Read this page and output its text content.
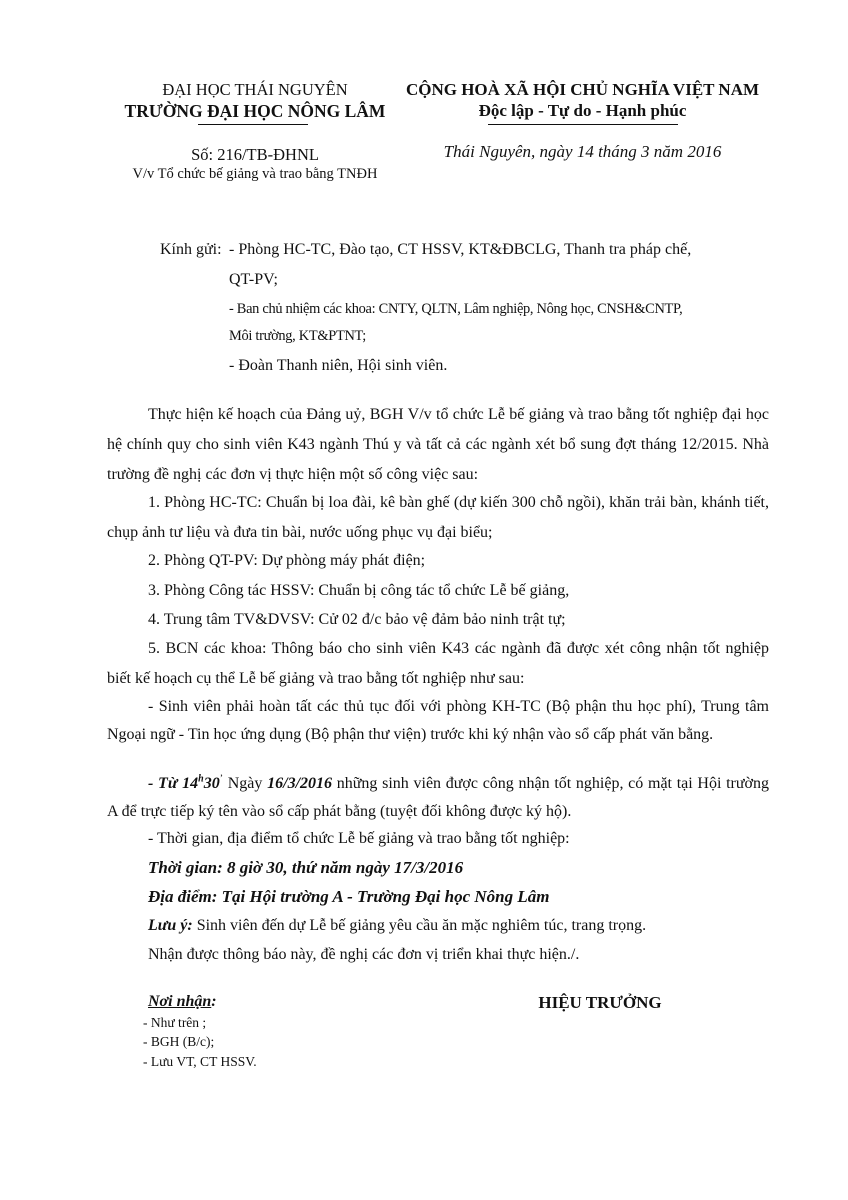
ĐẠI HỌC THÁI NGUYÊN
TRƯỜNG ĐẠI HỌC NÔNG LÂM
Số: 216/TB-ĐHNL
V/v Tổ chức bế giảng và trao bằng TNĐH
CỘNG HOÀ XÃ HỘI CHỦ NGHĨA VIỆT NAM
Độc lập - Tự do - Hạnh phúc
Thái Nguyên, ngày 14 tháng 3 năm 2016
Kính gửi: - Phòng HC-TC, Đào tạo, CT HSSV, KT&ĐBCLG, Thanh tra pháp chế,
QT-PV;
- Ban chủ nhiệm các khoa: CNTY, QLTN, Lâm nghiệp, Nông học, CNSH&CNTP,
Môi trường, KT&PTNT;
- Đoàn Thanh niên, Hội sinh viên.
Thực hiện kế hoạch của Đảng uỷ, BGH V/v tổ chức Lễ bế giảng và trao bằng tốt nghiệp đại học hệ chính quy cho sinh viên K43 ngành Thú y và tất cả các ngành xét bổ sung đợt tháng 12/2015. Nhà trường đề nghị các đơn vị thực hiện một số công việc sau:
1. Phòng HC-TC: Chuẩn bị loa đài, kê bàn ghế (dự kiến 300 chỗ ngồi), khăn trải bàn, khánh tiết, chụp ảnh tư liệu và đưa tin bài, nước uống phục vụ đại biểu;
2. Phòng QT-PV: Dự phòng máy phát điện;
3. Phòng Công tác HSSV: Chuẩn bị công tác tổ chức Lễ bế giảng,
4. Trung tâm TV&DVSV: Cử 02 đ/c bảo vệ đảm bảo ninh trật tự;
5. BCN các khoa: Thông báo cho sinh viên K43 các ngành đã được xét công nhận tốt nghiệp biết kế hoạch cụ thể Lễ bế giảng và trao bằng tốt nghiệp như sau:
- Sinh viên phải hoàn tất các thủ tục đối với phòng KH-TC (Bộ phận thu học phí), Trung tâm Ngoại ngữ - Tin học ứng dụng (Bộ phận thư viện) trước khi ký nhận vào sổ cấp phát văn bằng.
- Từ 14$^h$30’ Ngày 16/3/2016 những sinh viên được công nhận tốt nghiệp, có mặt tại Hội trường A để trực tiếp ký tên vào sổ cấp phát bằng (tuyệt đối không được ký hộ).
- Thời gian, địa điểm tổ chức Lễ bế giảng và trao bằng tốt nghiệp:
Thời gian: 8 giờ 30, thứ năm ngày 17/3/2016
Địa điểm: Tại Hội trường A - Trường Đại học Nông Lâm
Lưu ý: Sinh viên đến dự Lễ bế giảng yêu cầu ăn mặc nghiêm túc, trang trọng.
Nhận được thông báo này, đề nghị các đơn vị triển khai thực hiện./.
Nơi nhận:
- Như trên ;
- BGH (B/c);
- Lưu VT, CT HSSV.
HIỆU TRƯỞNG
